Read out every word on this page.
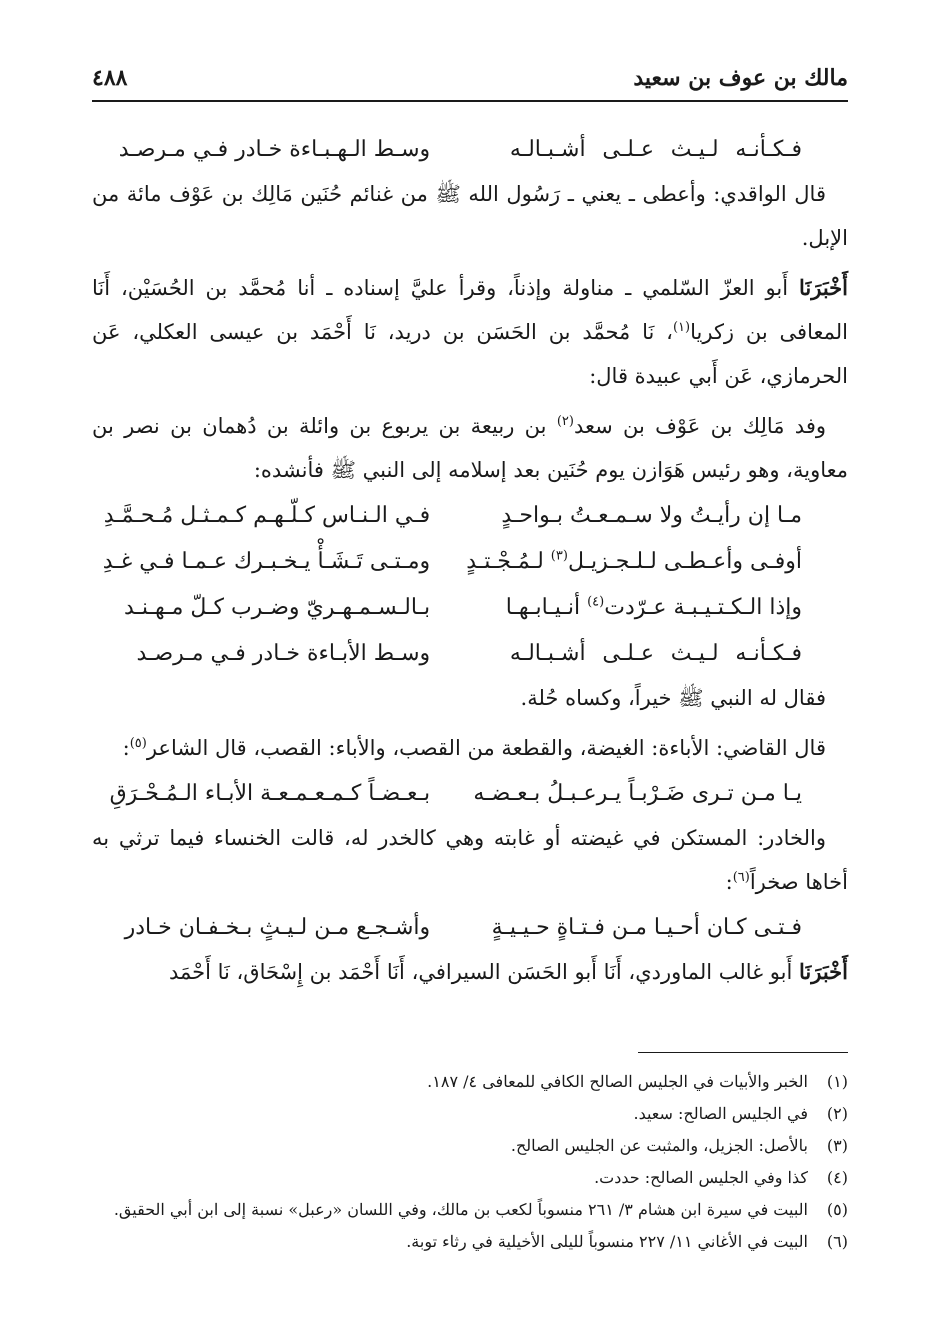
مالك بن عوف بن سعيد
٤٨٨
فـكـأنـه لـيـث عـلـى أشـبـالـه
وسـط الـهـبـاءة خـادر فـي مـرصـد

قال الواقدي: وأعطى ـ يعني ـ رَسُول الله ﷺ من غنائم حُنَين مَالِك بن عَوْف مائة من الإبل.

أَخْبَرَنَا أَبو العزّ السّلمي ـ مناولة وإذناً، وقرأ عليَّ إسناده ـ أنا مُحمَّد بن الحُسَيْن، أَنَا المعافى بن زكريا$^{(١)}$، نَا مُحمَّد بن الحَسَن بن دريد، نَا أَحْمَد بن عيسى العكلي، عَن الحرمازي، عَن أَبي عبيدة قال:

وفد مَالِك بن عَوْف بن سعد$^{(٢)}$ بن ربيعة بن يربوع بن وائلة بن دُهمان بن نصر بن معاوية، وهو رئيس هَوَازن يوم حُنَين بعد إسلامه إلى النبي ﷺ فأنشده:

مـا إن رأيـتُ ولا سـمـعـتُ بـواحـدٍ
فـي الـنـاس كـلّـهـم كـمـثـل مُـحـمَّـدِ
أوفـى وأعـطـى لـلـجـزيـل$^{(٣)}$ لـمُـجْـتـدٍ
ومـتـى تَـشَـأْ يـخـبـرك عـمـا فـي غـدِ
وإذا الـكـتـيـبـة عـرّدت$^{(٤)}$ أنـيـابـهـا
بـالـسـمـهـريّ وضـرب كـلّ مـهـنـد
فـكـأنـه لـيـث عـلـى أشـبـالـه
وسـط الأبـاءة خـادر فـي مـرصـد

فقال له النبي ﷺ خيراً، وكساه حُلة.

قال القاضي: الأباءة: الغيضة، والقطعة من القصب، والأباء: القصب، قال الشاعر$^{(٥)}$:

يـا مـن تـرى ضَـرْبـاً يـرعـبـلُ بـعـضـه
بـعـضـاً كـمـعـمـعـة الأبـاء الـمُـحْـرَقِ

والخادر: المستكن في غيضته أو غابته وهي كالخدر له، قالت الخنساء فيما ترثي به أخاها صخراً$^{(٦)}$:

فـتـى كـان أحـيـا مـن فـتـاةٍ حـيـيـةٍ
وأشـجـع مـن لـيـثٍ بـخـفـان خـادر

أَخْبَرَنَا أَبو غالب الماوردي، أَنَا أَبو الحَسَن السيرافي، أَنَا أَحْمَد بن إِسْحَاق، نَا أَحْمَد

(١)
الخبر والأبيات في الجليس الصالح الكافي للمعافى ٤/ ١٨٧.
(٢)
في الجليس الصالح: سعيد.
(٣)
بالأصل: الجزيل، والمثبت عن الجليس الصالح.
(٤)
كذا وفي الجليس الصالح: حددت.
(٥)
البيت في سيرة ابن هشام ٣/ ٢٦١ منسوباً لكعب بن مالك، وفي اللسان «رعبل» نسبة إلى ابن أبي الحقيق.
(٦)
البيت في الأغاني ١١/ ٢٢٧ منسوباً لليلى الأخيلية في رثاء توبة.
